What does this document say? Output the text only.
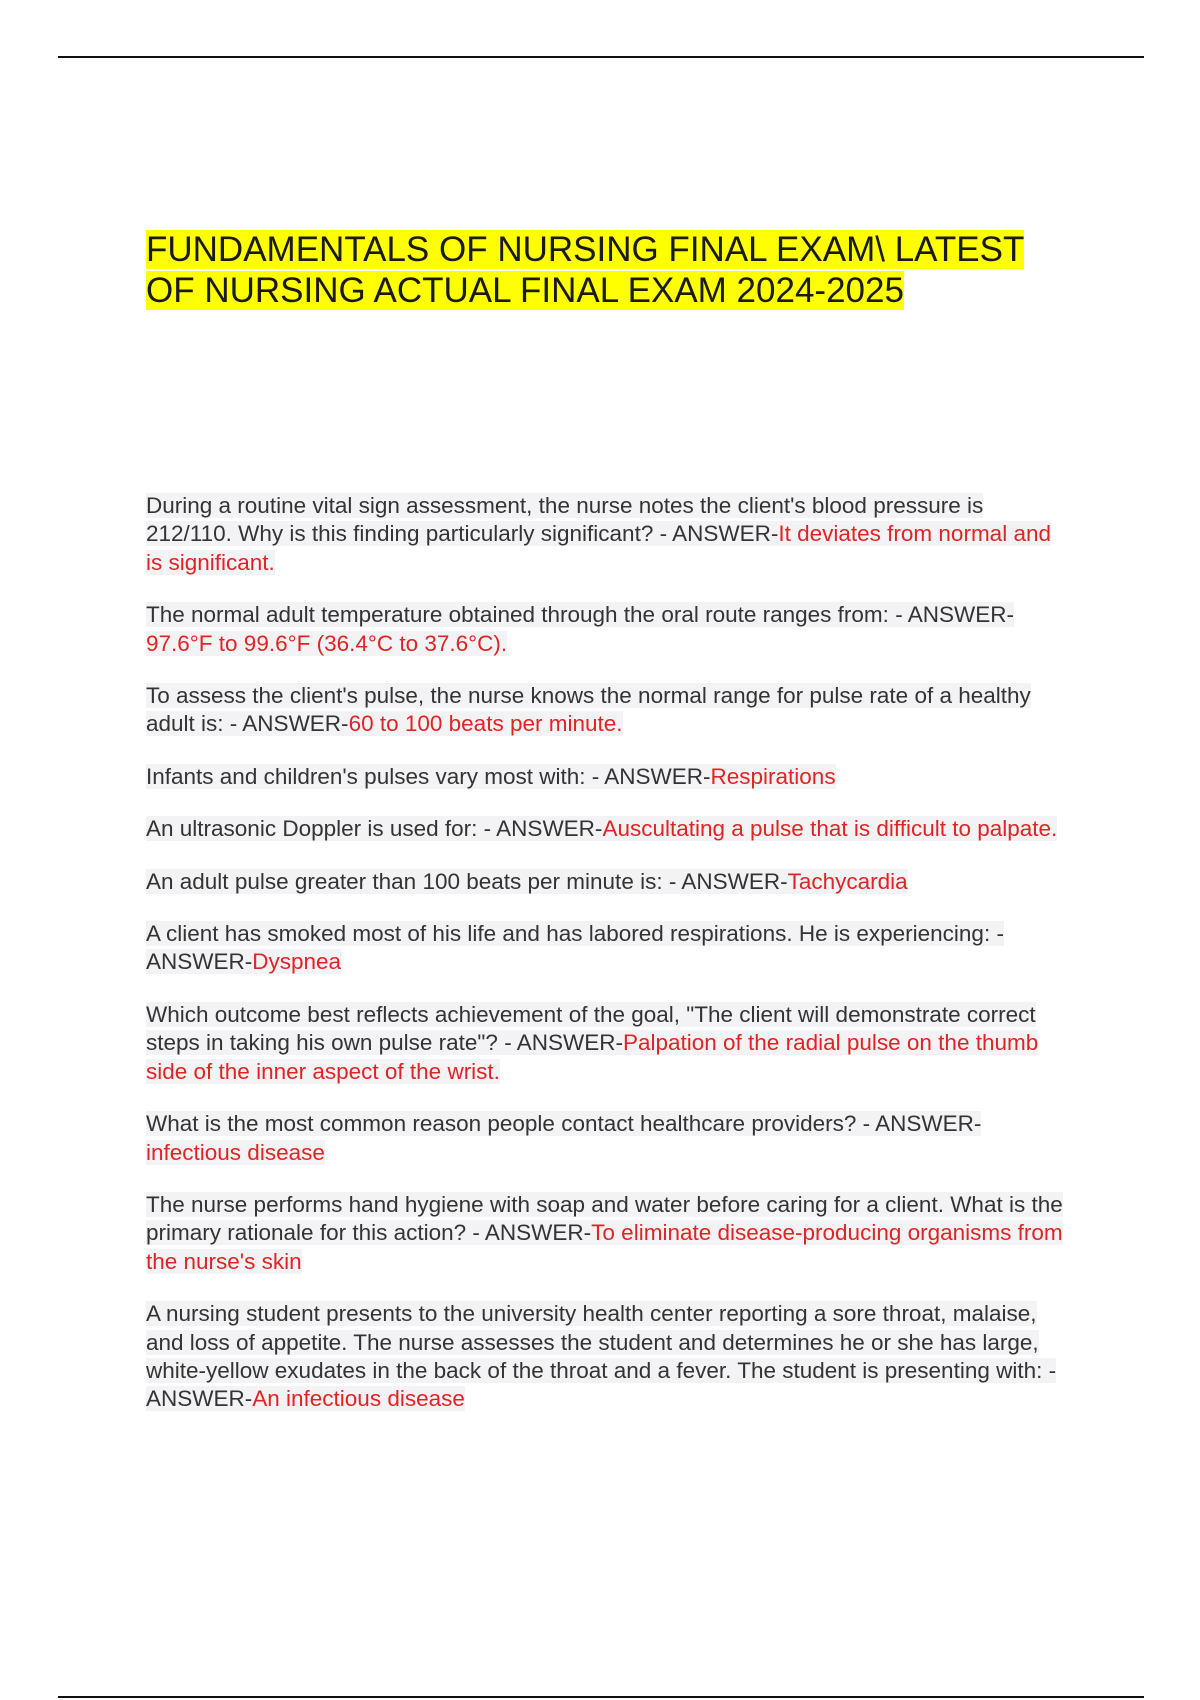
FUNDAMENTALS OF NURSING FINAL EXAM\ LATEST OF NURSING ACTUAL FINAL EXAM 2024-2025

During a routine vital sign assessment, the nurse notes the client's blood pressure is 212/110. Why is this finding particularly significant? - ANSWER-It deviates from normal and is significant.

The normal adult temperature obtained through the oral route ranges from: - ANSWER-97.6°F to 99.6°F (36.4°C to 37.6°C).

To assess the client's pulse, the nurse knows the normal range for pulse rate of a healthy adult is: - ANSWER-60 to 100 beats per minute.

Infants and children's pulses vary most with: - ANSWER-Respirations

An ultrasonic Doppler is used for: - ANSWER-Auscultating a pulse that is difficult to palpate.

An adult pulse greater than 100 beats per minute is: - ANSWER-Tachycardia

A client has smoked most of his life and has labored respirations. He is experiencing: - ANSWER-Dyspnea

Which outcome best reflects achievement of the goal, "The client will demonstrate correct steps in taking his own pulse rate"? - ANSWER-Palpation of the radial pulse on the thumb side of the inner aspect of the wrist.

What is the most common reason people contact healthcare providers? - ANSWER-infectious disease

The nurse performs hand hygiene with soap and water before caring for a client. What is the primary rationale for this action? - ANSWER-To eliminate disease-producing organisms from the nurse's skin

A nursing student presents to the university health center reporting a sore throat, malaise, and loss of appetite. The nurse assesses the student and determines he or she has large, white-yellow exudates in the back of the throat and a fever. The student is presenting with: - ANSWER-An infectious disease
